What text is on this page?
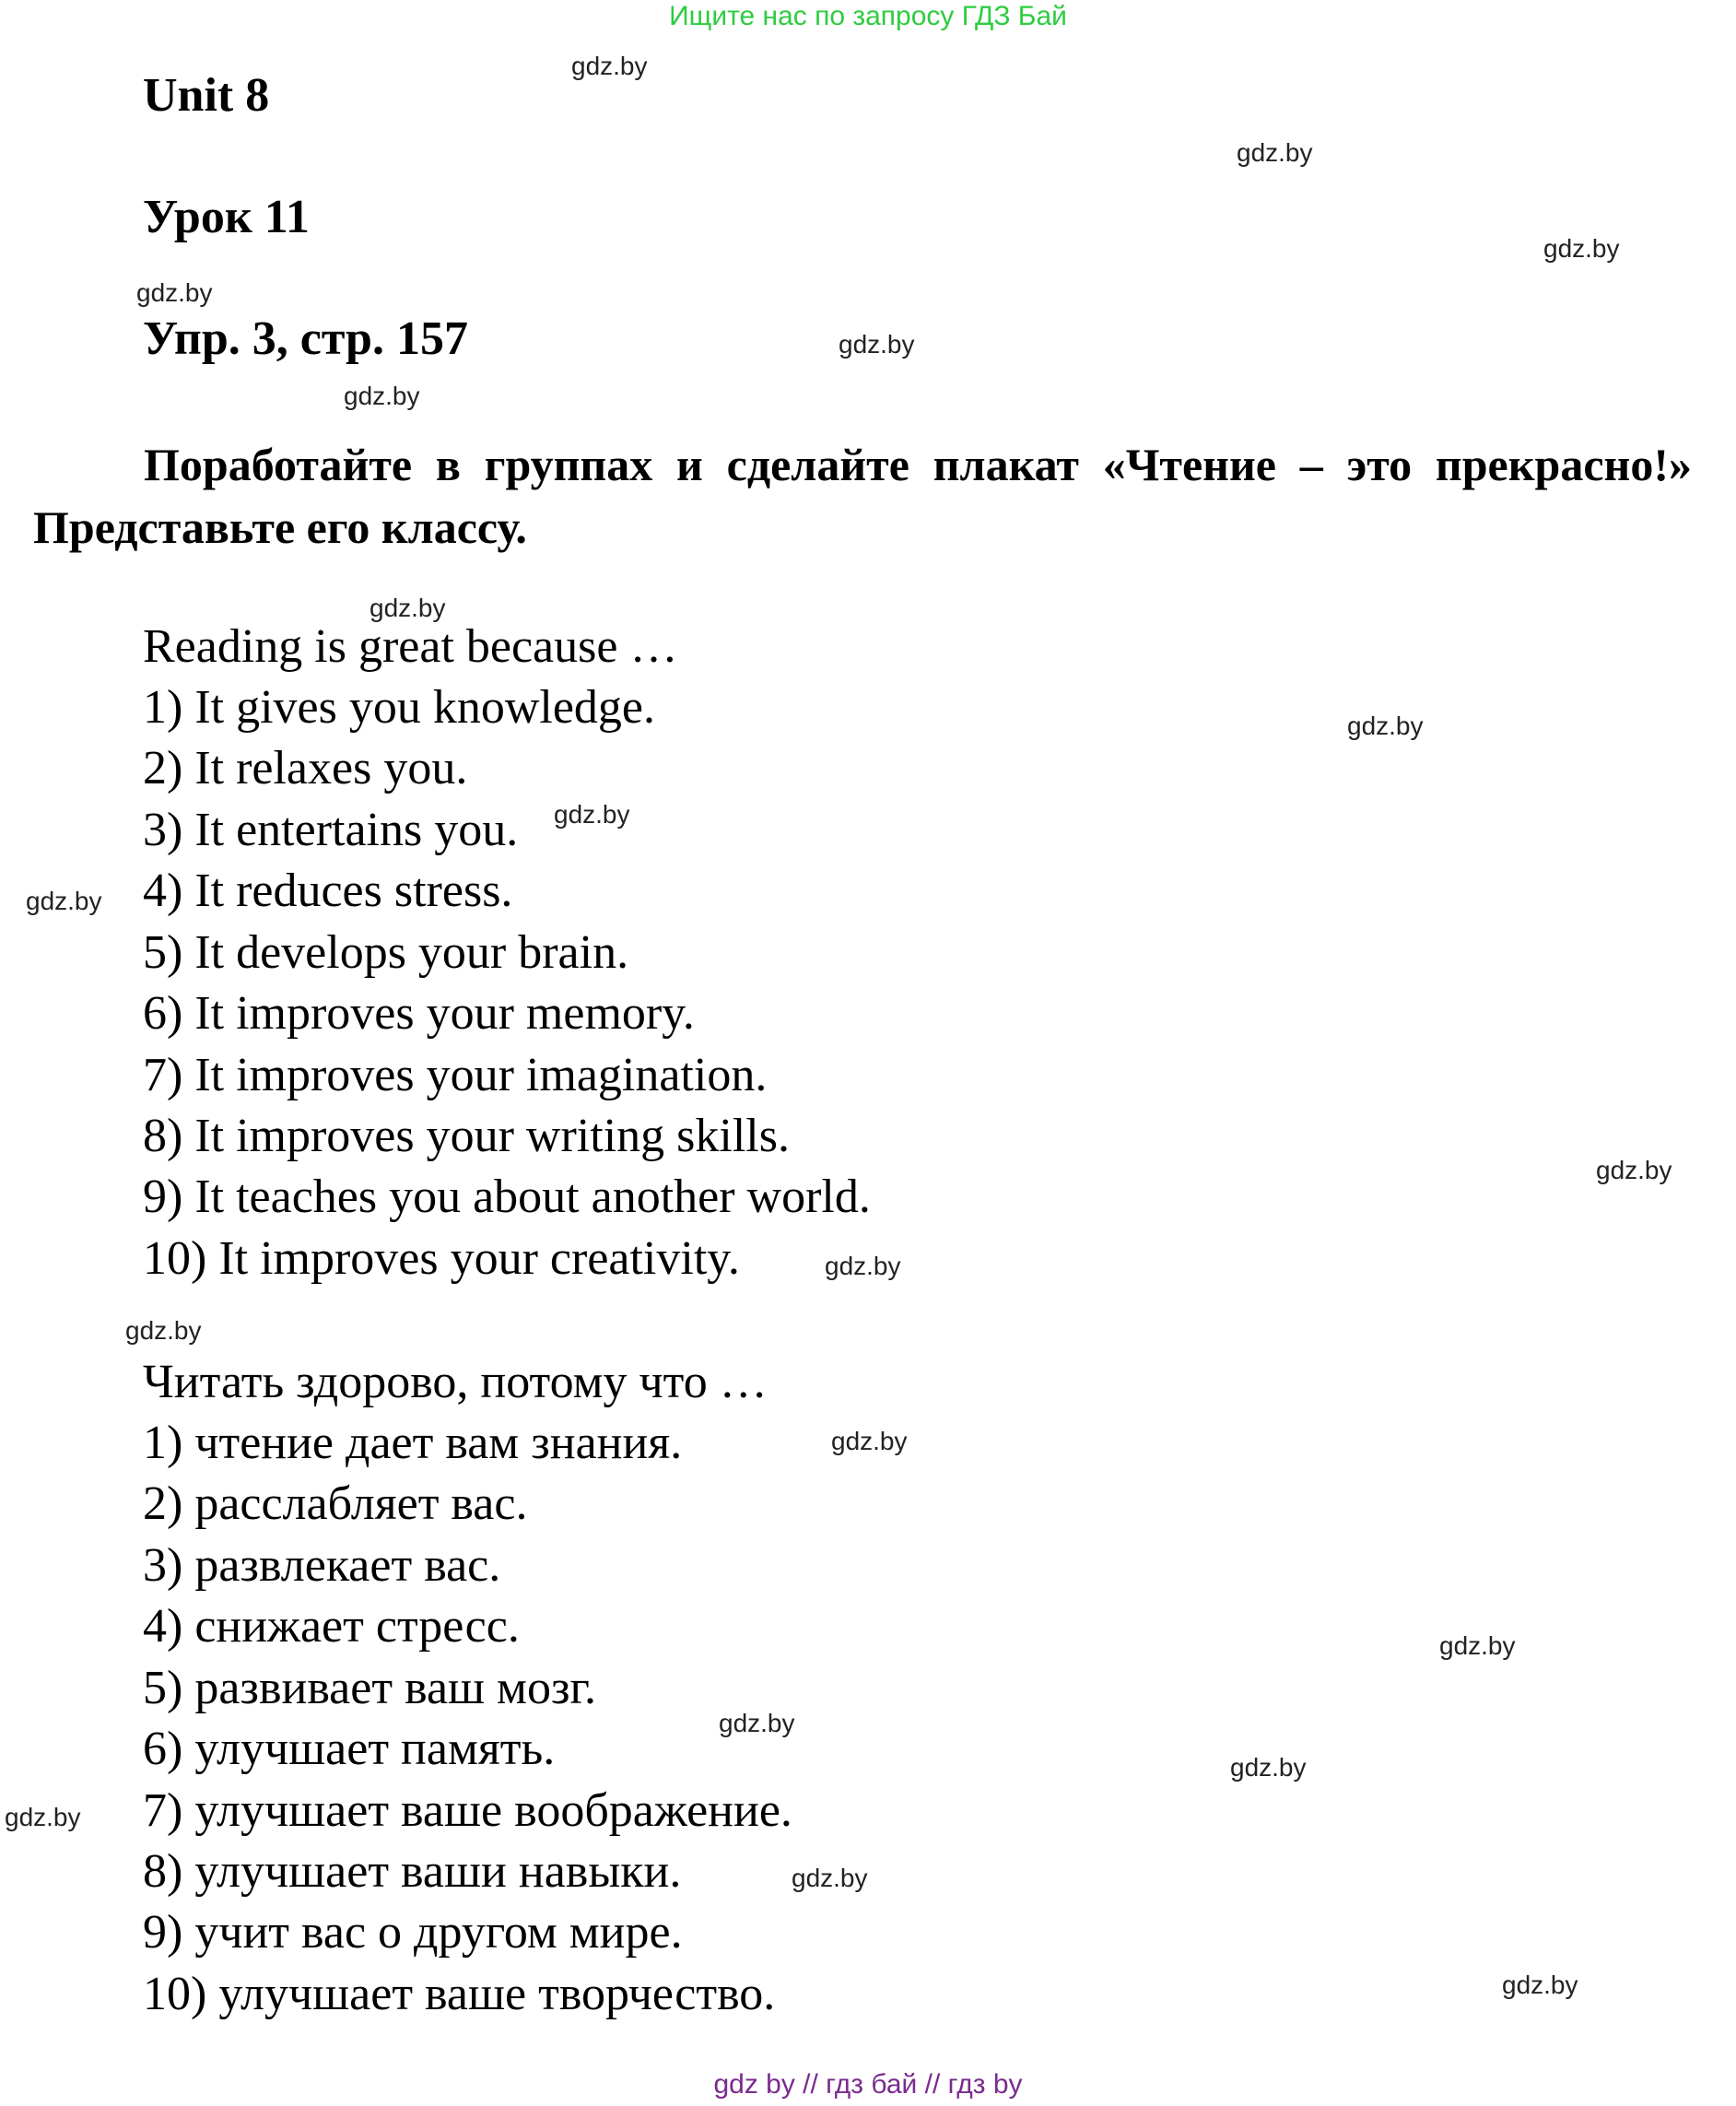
Ищите нас по запросу ГДЗ Бай
Unit 8
Урок 11
Упр. 3, стр. 157
Поработайте в группах и сделайте плакат «Чтение – это прекрасно!» Представьте его классу.
Reading is great because …
1) It gives you knowledge.
2) It relaxes you.
3) It entertains you.
4) It reduces stress.
5) It develops your brain.
6) It improves your memory.
7) It improves your imagination.
8) It improves your writing skills.
9) It teaches you about another world.
10) It improves your creativity.
Читать здорово, потому что …
1) чтение дает вам знания.
2) расслабляет вас.
3) развлекает вас.
4) снижает стресс.
5) развивает ваш мозг.
6) улучшает память.
7) улучшает ваше воображение.
8) улучшает ваши навыки.
9) учит вас о другом мире.
10) улучшает ваше творчество.
gdz.by
gdz.by
gdz.by
gdz.by
gdz.by
gdz.by
gdz.by
gdz.by
gdz.by
gdz.by
gdz.by
gdz.by
gdz.by
gdz.by
gdz.by
gdz.by
gdz.by
gdz.by
gdz.by
gdz.by
gdz by // гдз бай // гдз by
